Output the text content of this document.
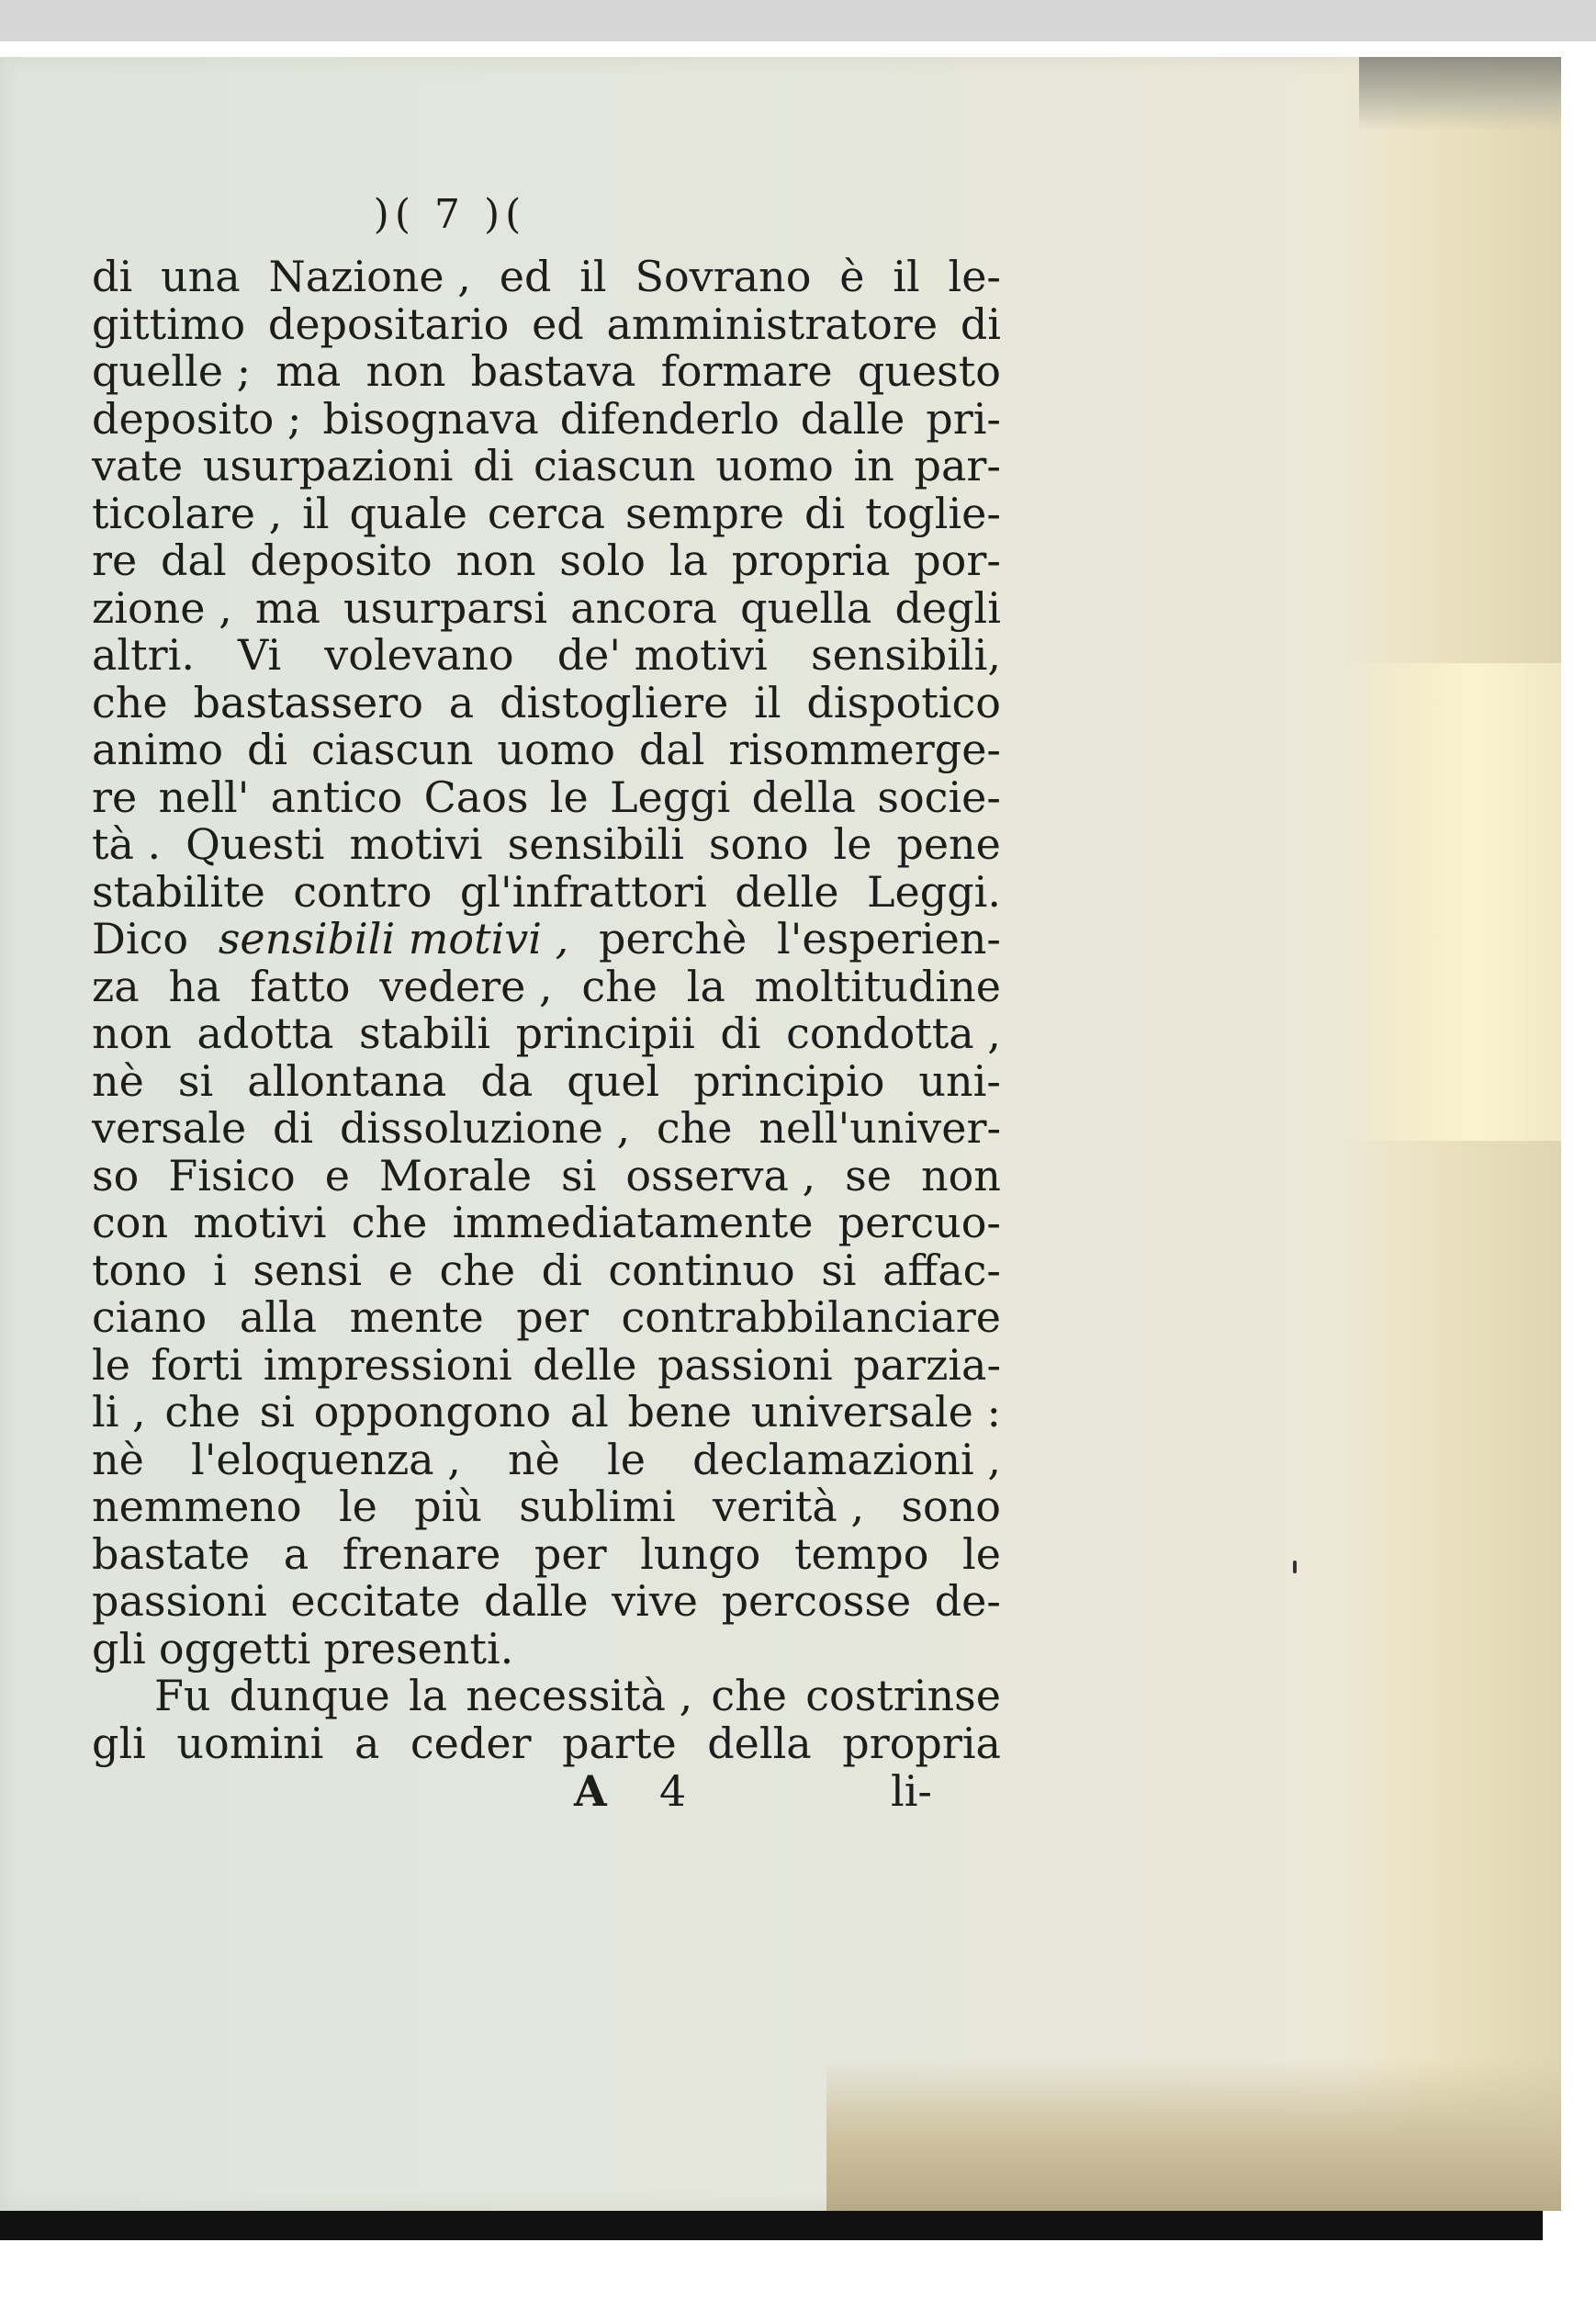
)( 7 )(
di una Nazione , ed il Sovrano è il le-
gittimo depositario ed amministratore di
quelle ; ma non bastava formare questo
deposito ; bisognava difenderlo dalle pri-
vate usurpazioni di ciascun uomo in par-
ticolare , il quale cerca sempre di toglie-
re dal deposito non solo la propria por-
zione , ma usurparsi ancora quella degli
altri. Vi volevano de' motivi sensibili,
che bastassero a distogliere il dispotico
animo di ciascun uomo dal risommerge-
re nell' antico Caos le Leggi della socie-
tà . Questi motivi sensibili sono le pene
stabilite contro gl'infrattori delle Leggi.
Dico sensibili motivi , perchè l'esperien-
za ha fatto vedere , che la moltitudine
non adotta stabili principii di condotta ,
nè si allontana da quel principio uni-
versale di dissoluzione , che nell'univer-
so Fisico e Morale si osserva , se non
con motivi che immediatamente percuo-
tono i sensi e che di continuo si affac-
ciano alla mente per contrabbilanciare
le forti impressioni delle passioni parzia-
li , che si oppongono al bene universale :
nè l'eloquenza , nè le declamazioni ,
nemmeno le più sublimi verità , sono
bastate a frenare per lungo tempo le
passioni eccitate dalle vive percosse de-
gli oggetti presenti.
Fu dunque la necessità , che costrinse
gli uomini a ceder parte della propria
A 4	li-
